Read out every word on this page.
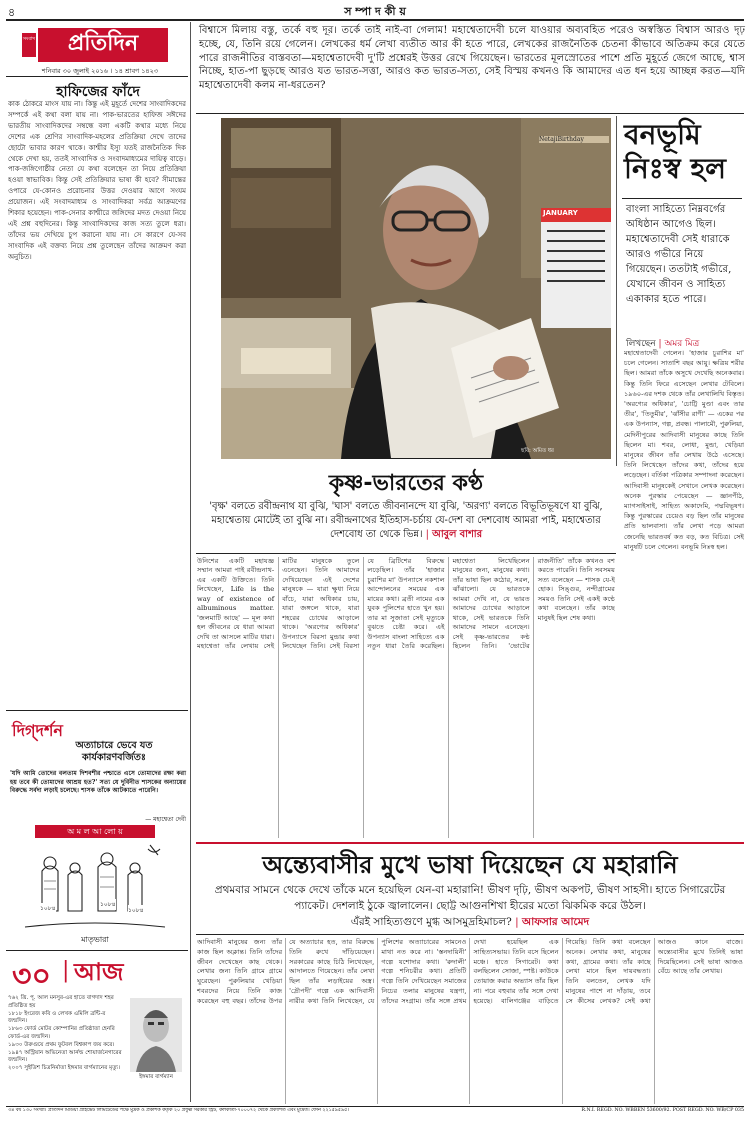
৪	স ম্পা দ কী য়
সংবাদ	প্রতিদিন
শনিবার ৩০ জুলাই ২০১৬ । ১৪ শ্রাবণ ১৪২৩
বিশ্বাসে মিলায় বস্তু, তর্কে বহু দূর। তর্কে তাই নাই-বা গেলাম! মহাশ্বেতাদেবী চলে যাওয়ার অব্যবহিত পরেও অস্বস্তিত বিশ্বাস আরও দৃঢ় হচ্ছে, যে, তিনি রয়ে গেলেন। লেখকের ধর্ম লেখা ব্যতীত আর কী হতে পারে, লেখকের রাজনৈতিক চেতনা কীভাবে অতিক্রম করে যেতে পারে রাজনীতির বাস্তবতা—মহাশ্বেতাদেবী দু'টি প্রশ্নেরই উত্তর রেখে গিয়েছেন। ভারতের মূলস্রোতের পাশে প্রতি মুহূর্তে জেগে আছে, শ্বাস নিচ্ছে, হাত-পা ছুড়ছে আরও যত ভারত-সত্তা, আরও কত ভারত-সত্য, সেই বিস্ময় কখনও কি আমাদের এত ধন হয়ে আচ্ছন্ন করত—যদি মহাশ্বেতাদেবী কলম না-ধরতেন?
হাফিজের ফাঁদে
কাক ঠোকরে মাংস যায় না। কিন্তু এই মুহূর্তে দেশের সাংবাদিকদের সম্পর্কে এই কথা বলা যায় না। পাক-ভারতের হাফিজ সঈদের ভারতীয় সাংবাদিকদের সম্বন্ধে বলা একটি কথার মধ্যে নিয়ে দেশের এক শ্রেণির সাংবাদিক-মহলের প্রতিক্রিয়া দেখে তাদের ছোটো ভাবার কারণ থাকে। কাশ্মীর ইস্যু যতই রাজনৈতিক দিক থেকে দেখা হয়, ততই সাংবাদিক ও সংবাদমাধ্যমের দায়িত্ব বাড়ে। পাক-জঙ্গিগোষ্ঠীর নেতা যে কথা বলেছেন তা নিয়ে প্রতিক্রিয়া হওয়া স্বাভাবিক। কিন্তু সেই প্রতিক্রিয়ার ভাষা কী হবে? সীমান্তের ওপারে যে-কোনও প্ররোচনার উত্তর দেওয়ার আগে সংযম প্রয়োজন। এই সংবাদমাধ্যম ও সাংবাদিকরা সর্বত্র আক্রমণের শিকার হয়েছেন। পাক-সেনার কাশ্মীরে জঙ্গিদের মদত দেওয়া নিয়ে এই প্রশ্ন বহুদিনের। কিন্তু সাংবাদিকদের কাজ সত্য তুলে ধরা। তাঁদের ভয় দেখিয়ে চুপ করানো যায় না। সে কারণে যে-সব সাংবাদিক এই বক্তব্য নিয়ে প্রশ্ন তুলেছেন তাঁদের আক্রমণ করা অনুচিত।
দিগ্‌দর্শন
অত্যাচারে ভেবে যত কার্যকারণবর্জিতঃ
'যদি আমি তোদের বলতাম দিশবশীর পশ্চাতে এসে তোমাদের রক্ষা করা হয় তবে কী তোমাদের আশ্রয় হত?' সত্য যে দুর্বিনীত শাসকের অন্যায়ের বিরুদ্ধে সর্বদা লড়াই চলেছে। শাসক তাঁকে আটকাতে পারেনি।
— মহাশ্বেতা দেবী
অ ম ল আ লো য়
১০৮৪
১০৮৪
১০৮৪
মাতৃভারা
৩০ | আজ
৭৬২ খ্রি. পূ. আল মনসুর-এর হাতে বাগদাদ শহর প্রতিষ্ঠিত হয়
১৮১৮ ইংরেজ কবি ও লেখক এমিলি ব্রন্টি-র জন্মদিন।
১৮৬৩ ফোর্ড মোটর কোম্পানির প্রতিষ্ঠাতা হেনরি ফোর্ড-এর জন্মদিন।
১৯৩০ উরুগুয়ে প্রথম ফুটবল বিশ্বকাপ জয় করে।
১৯৪৭ অস্ট্রিয়ান অভিনেতা আর্নল্ড শোয়ার্জনেগারের জন্মদিন।
২০০৭ সুইডিশ চিত্রনির্মাতা ইঙ্গমার বার্গম্যানের মৃত্যু।
ইঙ্গমার বার্গম্যান
NetajiBirthday
JANUARY
ছবি: অমিত ধর
বনভূমি
নিঃস্ব হল
বাংলা সাহিত্যে নিম্নবর্গের অধিষ্ঠান আগেও ছিল। মহাশ্বেতাদেবী সেই ধারাকে আরও গভীরে নিয়ে গিয়েছেন। ততটাই গভীরে, যেখানে জীবন ও সাহিত্য একাকার হতে পারে।
লিখছেন | অমর মিত্র
মহাশ্বেতাদেবী গেলেন। 'হাজার চুরাশির মা' চলে গেলেন। সাতাশি বছর আয়ু। ক্ষত্রিয় শরীর ছিল। আমরা তাঁকে অসুখে দেখেছি অনেকবার। কিন্তু তিনি ফিরে এসেছেন লেখার টেবিলে। ১৯৬০-এর দশক থেকে তাঁর লেখালিখি বিস্তৃত। 'অরণ্যের অধিকার', 'চোট্টি মুণ্ডা এবং তার তীর', 'তিতুমীর', 'ঝাঁসীর রাণী' — একের পর এক উপন্যাস, গল্প, প্রবন্ধ। পালামৌ, পুরুলিয়া, মেদিনীপুরের আদিবাসী মানুষের কাছে তিনি ছিলেন মা। শবর, লোধা, মুন্ডা, খেড়িয়া মানুষের জীবন তাঁর লেখায় উঠে এসেছে। তিনি লিখেছেন তাঁদের কথা, তাঁদের হয়ে লড়েছেন। বর্তিকা পত্রিকার সম্পাদনা করেছেন। আদিবাসী মানুষকেই সেখানে লেখক করেছেন। অনেক পুরস্কার পেয়েছেন — জ্ঞানপীঠ, ম্যাগসাইসাই, সাহিত্য অকাদেমি, পদ্মবিভূষণ। কিন্তু পুরস্কারের চেয়েও বড় ছিল তাঁর মানুষের প্রতি ভালবাসা। তাঁর লেখা পড়ে আমরা জেনেছি ভারতবর্ষ কত বড়, কত বিচিত্র। সেই মানুষটি চলে গেলেন। বনভূমি নিঃস্ব হল।
কৃষ্ণ-ভারতের কণ্ঠ
'বৃক্ষ' বলতে রবীন্দ্রনাথ যা বুঝি, 'ঘাস' বলতে জীবনানন্দে যা বুঝি, 'অরণ্য' বলতে বিভূতিভূষণে যা বুঝি, মহাশ্বেতায় মোটেই তা বুঝি না। রবীন্দ্রনাথের ইতিহাস-চর্চায় যে-দেশ বা দেশবোধ আমরা পাই, মহাশ্বেতার দেশবোধ তা থেকে ভিন্ন। | আবুল বাশার
উনিশের একটি মহাযজ্ঞ সম্মান আমরা পাই রবীন্দ্রনাথ-এর একটি উক্তিতে। তিনি লিখেছেন, Life is the way of existence of albuminous matter. 'জলমাটি আছে' — মূল কথা হল জীবনের যে ধারা আমরা দেখি তা আসলে মাটির ধারা। মহাশ্বেতা তাঁর লেখায় সেই মাটির মানুষকে তুলে এনেছেন। তিনি আমাদের দেখিয়েছেন এই দেশের মানুষকে — যারা ক্ষুধা নিয়ে বাঁচে, যারা অধিকার চায়, যারা জঙ্গলে থাকে, যারা শহরের চোখের আড়ালে থাকে। 'অরণ্যের অধিকার' উপন্যাসে বিরসা মুন্ডার কথা লিখেছেন তিনি। সেই বিরসা যে ব্রিটিশের বিরুদ্ধে লড়েছিল। তাঁর 'হাজার চুরাশির মা' উপন্যাসে নকশাল আন্দোলনের সময়ের এক মায়ের কথা। ব্রতী নামের এক যুবক পুলিশের হাতে খুন হয়। তার মা সুজাতা সেই মৃত্যুকে বুঝতে চেষ্টা করে। এই উপন্যাস বাংলা সাহিত্যে এক নতুন ধারা তৈরি করেছিল। মহাশ্বেতা লিখেছিলেন মানুষের জন্য, মানুষের কথা। তাঁর ভাষা ছিল কঠোর, সরল, ঝাঁঝালো। যে ভারতকে আমরা দেখি না, যে ভারত আমাদের চোখের আড়ালে থাকে, সেই ভারতকে তিনি আমাদের সামনে এনেছেন। সেই কৃষ্ণ-ভারতের কণ্ঠ ছিলেন তিনি। 'ভোটের রাজনীতি' তাঁকে কখনও বশ করতে পারেনি। তিনি সবসময় সত্য বলেছেন — শাসক যে-ই হোক। সিঙ্গুর, নন্দীগ্রামের সময়ও তিনি সেই একই কণ্ঠে কথা বলেছেন। তাঁর কাছে মানুষই ছিল শেষ কথা।
অন্ত্যেবাসীর মুখে ভাষা দিয়েছেন যে মহারানি
প্রথমবার সামনে থেকে দেখে তাঁকে মনে হয়েছিল যেন-বা মহারানি! ভীষণ দৃঢ়ি, ভীষণ অকপট, ভীষণ সাহসী। হাতে সিগারেটের প্যাকেট। দেশলাই ঠুকে জ্বালালেন। ছোট্ট আগুনশিখা হীরের মতো ঝিকমিক করে উঠল।
এঁরই সাহিত্যগুণে মুগ্ধ আসমুদ্রহিমাচল? | আফসার আমেদ
আদিবাসী মানুষের জন্য তাঁর কাজ ছিল অক্লান্ত। তিনি তাঁদের জীবন দেখেছেন কাছ থেকে। লেখার জন্য তিনি গ্রামে গ্রামে ঘুরেছেন। পুরুলিয়ার খেড়িয়া শবরদের নিয়ে তিনি কাজ করেছেন বহু বছর। তাঁদের উপর যে অত্যাচার হত, তার বিরুদ্ধে তিনি রুখে দাঁড়িয়েছেন। সরকারের কাছে চিঠি লিখেছেন, আদালতে গিয়েছেন। তাঁর লেখা ছিল তাঁর লড়াইয়ের অস্ত্র। 'দ্রৌপদী' গল্পে এক আদিবাসী নারীর কথা তিনি লিখেছেন, যে পুলিশের অত্যাচারের সামনেও মাথা নত করে না। 'স্তনদায়িনী' গল্পে যশোদার কথা। 'রুদালী' গল্পে শনিচরীর কথা। প্রতিটি গল্পে তিনি দেখিয়েছেন সমাজের নিচের তলার মানুষের যন্ত্রণা, তাঁদের সংগ্রাম। তাঁর সঙ্গে প্রথম দেখা হয়েছিল এক সাহিত্যসভায়। তিনি বসে ছিলেন মঞ্চে। হাতে সিগারেট। কথা বলছিলেন সোজা, স্পষ্ট। কাউকে তোয়াজ করার অভ্যাস তাঁর ছিল না। পরে বহুবার তাঁর সঙ্গে দেখা হয়েছে। বালিগঞ্জের বাড়িতে গিয়েছি। তিনি কথা বলেছেন অনেক। লেখার কথা, মানুষের কথা, গ্রামের কথা। তাঁর কাছে লেখা মানে ছিল দায়বদ্ধতা। তিনি বলতেন, লেখক যদি মানুষের পাশে না দাঁড়ায়, তবে সে কীসের লেখক? সেই কথা আজও কানে বাজে। অন্ত্যেবাসীর মুখে তিনিই ভাষা দিয়েছিলেন। সেই ভাষা আজও বেঁচে আছে তাঁর লেখায়।
৩৪ বর্ষ ১৩০ সংখ্যা। প্রতিদিন মিডিয়া প্রাইভেট লিমিটেডের পক্ষে মুদ্রক ও প্রকাশক কর্তৃক ২০ প্রফুল্ল সরকার স্ট্রিট, কলকাতা-৭০০০৭২ থেকে প্রকাশিত এবং মুদ্রিত। ফোন ২২১৫৯৫৯৫।	R.N.I. REGD. NO. WBBEN 53600/92. POST REGD. NO. WB/CP 035
